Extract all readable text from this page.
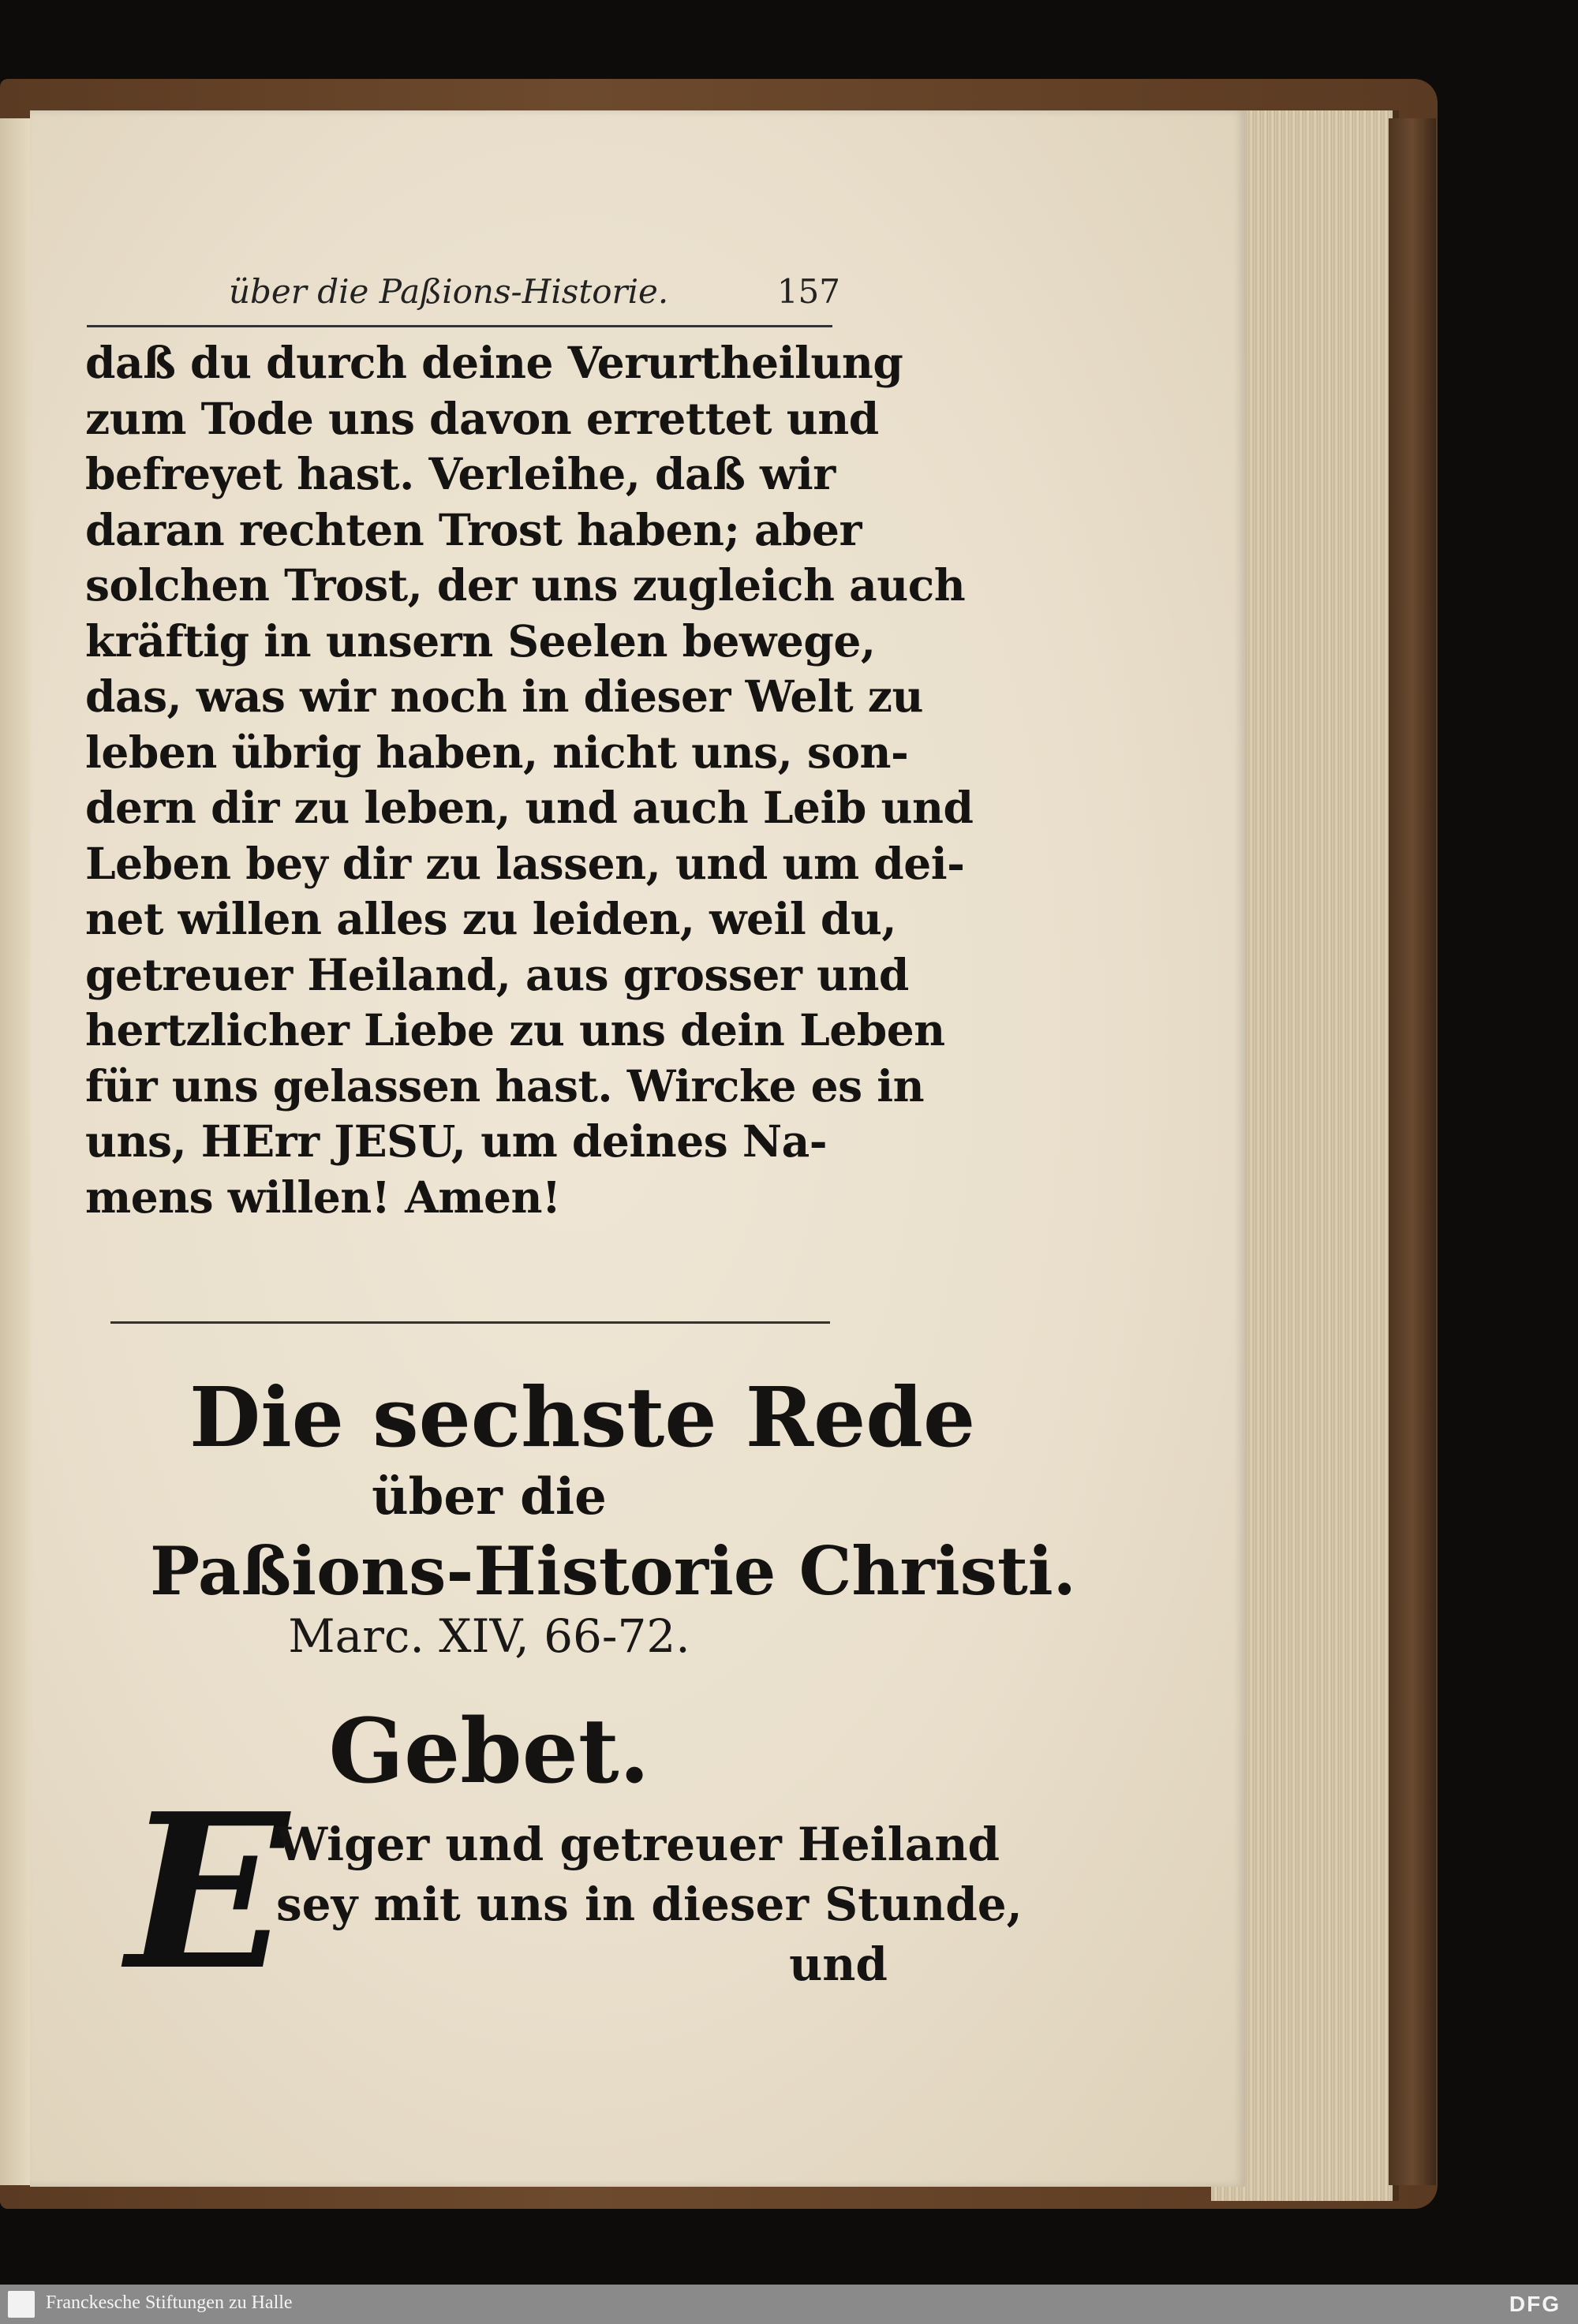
über die Paßions-Historie.	157
daß du durch deine Verurtheilung
zum Tode uns davon errettet und
befreyet hast. Verleihe, daß wir
daran rechten Trost haben; aber
solchen Trost, der uns zugleich auch
kräftig in unsern Seelen bewege,
das, was wir noch in dieser Welt zu
leben übrig haben, nicht uns, son-
dern dir zu leben, und auch Leib und
Leben bey dir zu lassen, und um dei-
net willen alles zu leiden, weil du,
getreuer Heiland, aus grosser und
hertzlicher Liebe zu uns dein Leben
für uns gelassen hast. Wircke es in
uns, HErr JESU, um deines Na-
mens willen! Amen!
Die sechste Rede
über die
Paßions-Historie Christi.
Marc. XIV, 66-72.
Gebet.
E
Wiger und getreuer Heiland
sey mit uns in dieser Stunde,
und
Franckesche Stiftungen zu Halle	DFG
